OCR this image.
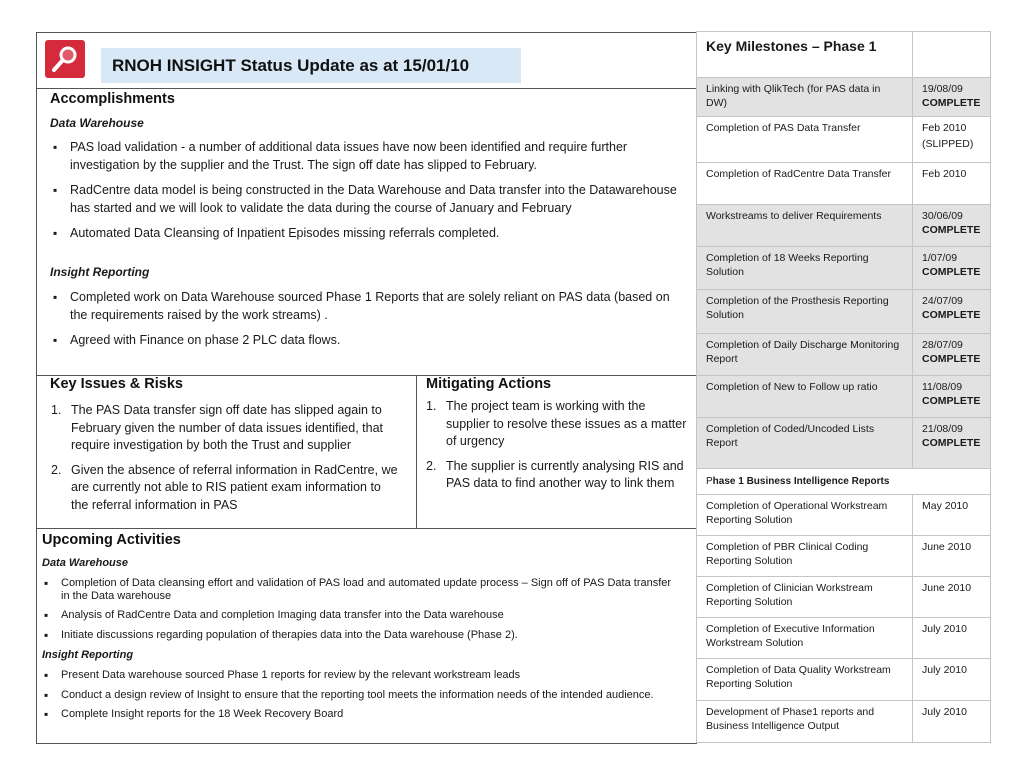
RNOH INSIGHT Status Update as at 15/01/10
Accomplishments
Data Warehouse
▪ PAS load validation - a number of additional data issues have now been identified and require further investigation by the supplier and the Trust. The sign off date has slipped to February.
▪ RadCentre data model is being constructed in the Data Warehouse and Data transfer into the Datawarehouse has started and we will look to validate the data during the course of January and February
▪ Automated Data Cleansing of Inpatient Episodes missing referrals completed.
Insight Reporting
▪ Completed work on Data Warehouse sourced Phase 1 Reports that are solely reliant on PAS data (based on the requirements raised by the work streams) .
▪ Agreed with Finance on phase 2 PLC data flows.
Key Issues & Risks
1. The PAS Data transfer sign off date has slipped again to February given the number of data issues identified, that require investigation by both the Trust and supplier
2. Given the absence of referral information in RadCentre, we are currently not able to RIS patient exam information to the referral information in PAS
Mitigating Actions
1. The project team is working with the supplier to resolve these issues as a matter of urgency
2. The supplier is currently analysing RIS and PAS data to find another way to link them
Upcoming Activities
Data Warehouse
▪ Completion of Data cleansing effort and validation of PAS load and automated update process – Sign off of PAS Data transfer in the Data warehouse
▪ Analysis of RadCentre Data and completion Imaging data transfer into the Data warehouse
▪ Initiate discussions regarding population of therapies data into the Data warehouse (Phase 2).
Insight Reporting
▪ Present Data warehouse sourced Phase 1 reports for review by the relevant workstream leads
▪ Conduct a design review of Insight to ensure that the reporting tool meets the information needs of the intended audience.
▪ Complete Insight reports for the 18 Week Recovery Board
Key Milestones – Phase 1	
Linking with QlikTech (for PAS data in DW)	19/08/09
COMPLETE

Completion of PAS Data Transfer	Feb 2010
(SLIPPED)
Completion of RadCentre Data Transfer	Feb 2010

Workstreams to deliver Requirements	30/06/09
COMPLETE

Completion of 18 Weeks Reporting Solution	1/07/09
COMPLETE

Completion of the Prosthesis Reporting Solution	24/07/09
COMPLETE

Completion of Daily Discharge Monitoring Report	28/07/09
COMPLETE

Completion of New to Follow up ratio	11/08/09
COMPLETE

Completion of Coded/Uncoded Lists Report	21/08/09
COMPLETE

Phase 1 Business Intelligence Reports	
Completion of Operational Workstream Reporting Solution	May 2010
Completion of PBR Clinical Coding Reporting Solution	June 2010
Completion of Clinician Workstream Reporting Solution	June 2010
Completion of Executive Information Workstream Solution	July 2010
Completion of Data Quality Workstream Reporting Solution	July 2010
Development of Phase1 reports and Business Intelligence Output	July 2010
